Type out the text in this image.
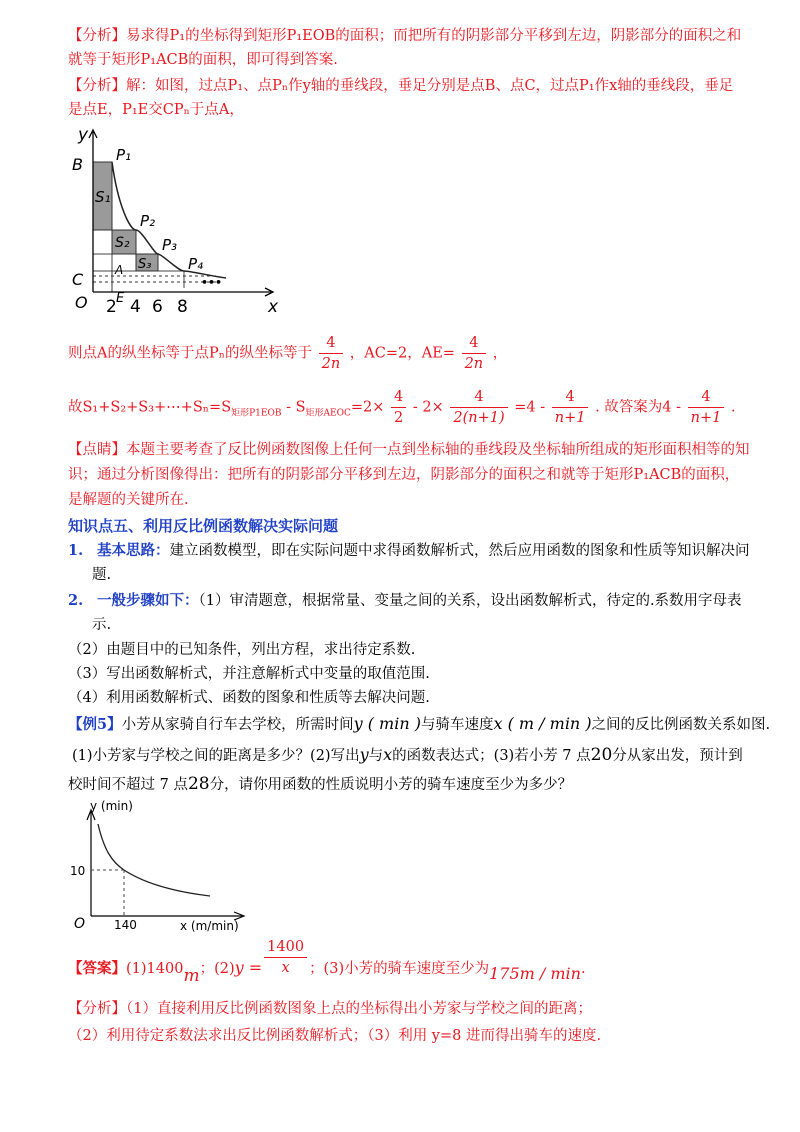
【分析】易求得P₁的坐标得到矩形P₁EOB的面积；而把所有的阴影部分平移到左边，阴影部分的面积之和
就等于矩形P₁ACB的面积，即可得到答案.
【分析】解：如图，过点P₁、点Pₙ作y轴的垂线段，垂足分别是点B、点C，过点P₁作x轴的垂线段，垂足
是点E，P₁E交CPₙ于点A，
y
x
O
B
C	A
E
P₁
P₂
P₃
P₄
S₁
S₂
S₃
•••
2 4 6 8
则点A的纵坐标等于点Pₙ的纵坐标等于 $\frac{4}{2n}$ ，AC=2，$AE= \frac{4}{2n}$ ，
故$S_1+S_2+S_3+\cdots+S_n=S_{矩形P1EOB} - S_{矩形AEOC}=2\times \frac{4}{2} - 2\times \frac{4}{2(n+1)} =4 - \frac{4}{n+1}$ . 故答案为$4 - \frac{4}{n+1}$ .
【点睛】本题主要考查了反比例函数图像上任何一点到坐标轴的垂线段及坐标轴所组成的矩形面积相等的知
识；通过分析图像得出：把所有的阴影部分平移到左边，阴影部分的面积之和就等于矩形P₁ACB的面积，
是解题的关键所在.
知识点五、利用反比例函数解决实际问题
1. 基本思路：建立函数模型，即在实际问题中求得函数解析式，然后应用函数的图象和性质等知识解决问
题.
2. 一般步骤如下：（1）审清题意，根据常量、变量之间的关系，设出函数解析式，待定的.系数用字母表
示.
（2）由题目中的已知条件，列出方程，求出待定系数.
（3）写出函数解析式，并注意解析式中变量的取值范围.
（4）利用函数解析式、函数的图象和性质等去解决问题.
【例5】小芳从家骑自行车去学校，所需时间y ( min )与骑车速度x ( m / min )之间的反比例函数关系如图.
(1)小芳家与学校之间的距离是多少？(2)写出y与x的函数表达式；(3)若小芳 7 点20分从家出发，预计到
校时间不超过 7 点28分，请你用函数的性质说明小芳的骑车速度至少为多少？
y (min)
x (m/min)
O
10
140
【答案】(1)1400m；$(2)y = \frac{1400}{x}$ ；(3)小芳的骑车速度至少为175m / min.
【分析】（1）直接利用反比例函数图象上点的坐标得出小芳家与学校之间的距离；
（2）利用待定系数法求出反比例函数解析式；（3）利用 y=8 进而得出骑车的速度.
